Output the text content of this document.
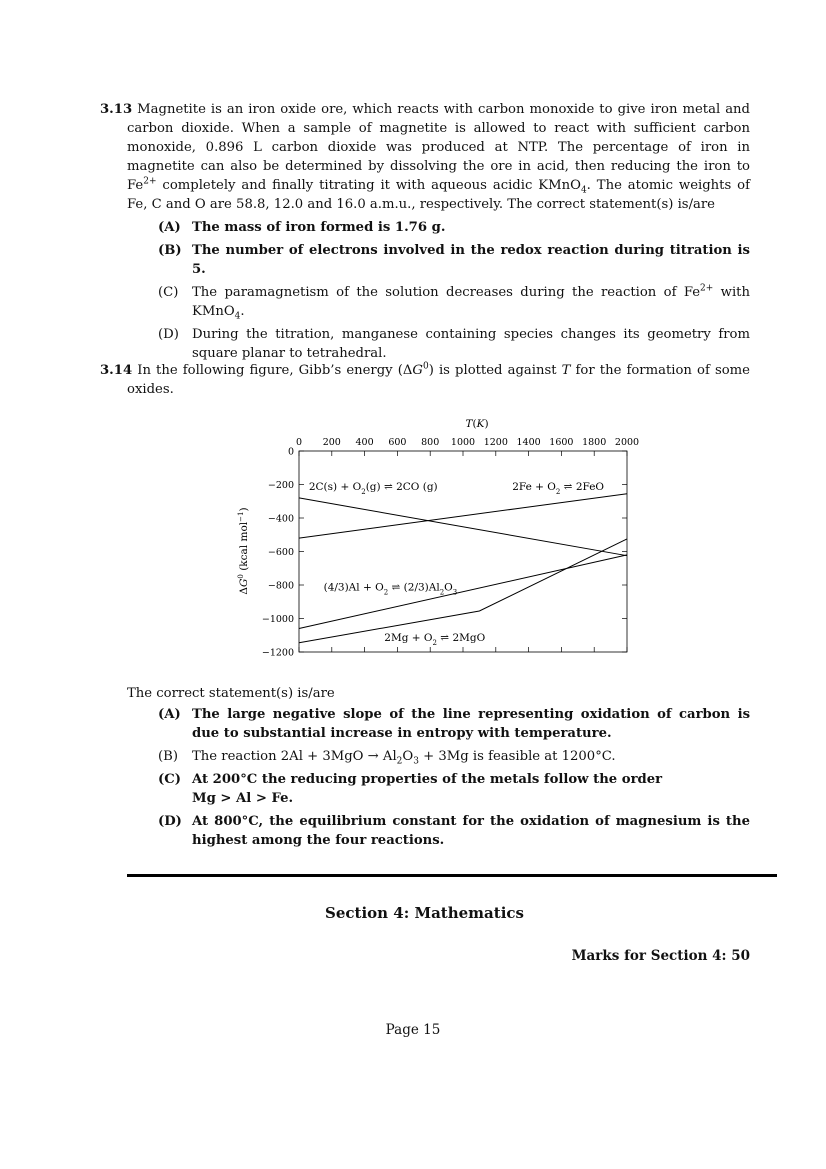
3.13 Magnetite is an iron oxide ore, which reacts with carbon monoxide to give iron metal and carbon dioxide. When a sample of magnetite is allowed to react with sufficient carbon monoxide, 0.896 L carbon dioxide was produced at NTP. The percentage of iron in magnetite can also be determined by dissolving the ore in acid, then reducing the iron to $Fe^{2+}$ completely and finally titrating it with aqueous acidic KMnO$_4$. The atomic weights of Fe, C and O are 58.8, 12.0 and 16.0 a.m.u., respectively. The correct statement(s) is/are
(A) The mass of iron formed is 1.76 g.
(B) The number of electrons involved in the redox reaction during titration is 5.
(C) The paramagnetism of the solution decreases during the reaction of $Fe^{2+}$ with KMnO$_4$.
(D) During the titration, manganese containing species changes its geometry from square planar to tetrahedral.
3.14 In the following figure, Gibb’s energy $(\Delta G^0)$ is plotted against T for the formation of some oxides.
0 200 400 600 800 1000 1200 1400 1600 1800 2000
0
−200
−400
−600
−800
−1000
−1200
T(K)
$\Delta G^0$ (kcal mol$^{-1}$)
$2C(s) + O_2(g)$ ⇌ 2CO (g)	$2Fe + O_2$ ⇌ 2FeO
$(4/3)Al + O_2$ ⇌ $(2/3)Al_2O_3$
$2Mg + O_2$ ⇌ 2MgO
The correct statement(s) is/are
(A) The large negative slope of the line representing oxidation of carbon is due to substantial increase in entropy with temperature.
(B) The reaction $2Al + 3MgO \to Al_2O_3 + 3Mg$ is feasible at 1200°C.
(C) At 200°C the reducing properties of the metals follow the order
Mg > Al > Fe.
(D) At 800°C, the equilibrium constant for the oxidation of magnesium is the highest among the four reactions.
Section 4: Mathematics
Marks for Section 4: 50
Page 15
